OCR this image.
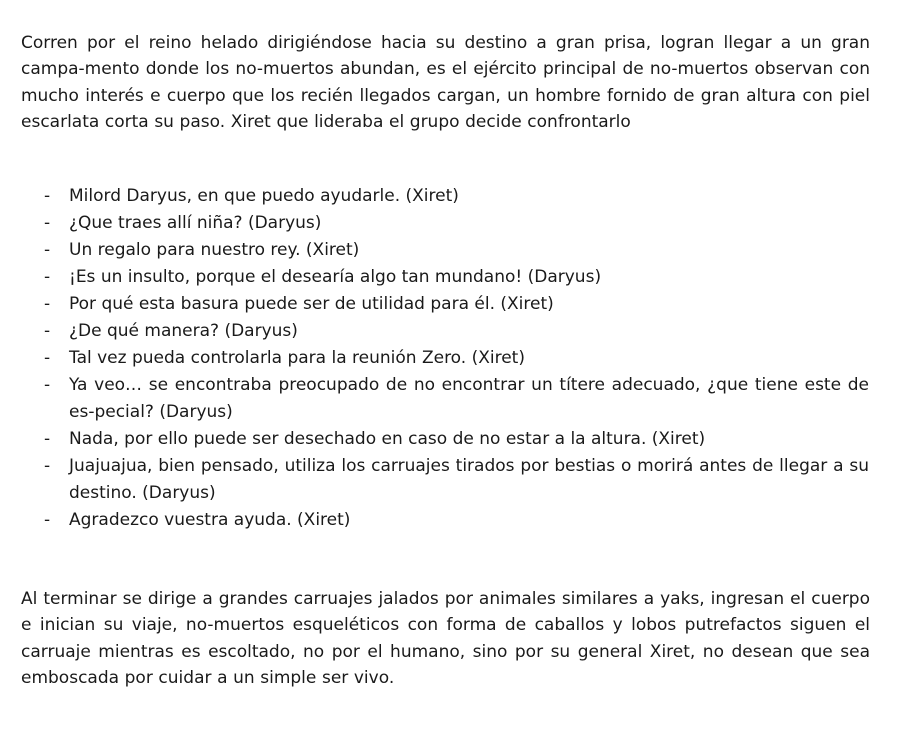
Corren por el reino helado dirigiéndose hacia su destino a gran prisa, logran llegar a un gran campa-mento donde los no-muertos abundan, es el ejército principal de no-muertos observan con mucho interés e cuerpo que los recién llegados cargan, un hombre fornido de gran altura con piel escarlata corta su paso. Xiret que lideraba el grupo decide confrontarlo

- Milord Daryus, en que puedo ayudarle. (Xiret)
- ¿Que traes allí niña? (Daryus)
- Un regalo para nuestro rey. (Xiret)
- ¡Es un insulto, porque el desearía algo tan mundano! (Daryus)
- Por qué esta basura puede ser de utilidad para él. (Xiret)
- ¿De qué manera? (Daryus)
- Tal vez pueda controlarla para la reunión Zero. (Xiret)
- Ya veo… se encontraba preocupado de no encontrar un títere adecuado, ¿que tiene este de es-pecial? (Daryus)
- Nada, por ello puede ser desechado en caso de no estar a la altura. (Xiret)
- Juajuajua, bien pensado, utiliza los carruajes tirados por bestias o morirá antes de llegar a su destino. (Daryus)
- Agradezco vuestra ayuda. (Xiret)

Al terminar se dirige a grandes carruajes jalados por animales similares a yaks, ingresan el cuerpo e inician su viaje, no-muertos esqueléticos con forma de caballos y lobos putrefactos siguen el carruaje mientras es escoltado, no por el humano, sino por su general Xiret, no desean que sea emboscada por cuidar a un simple ser vivo.
